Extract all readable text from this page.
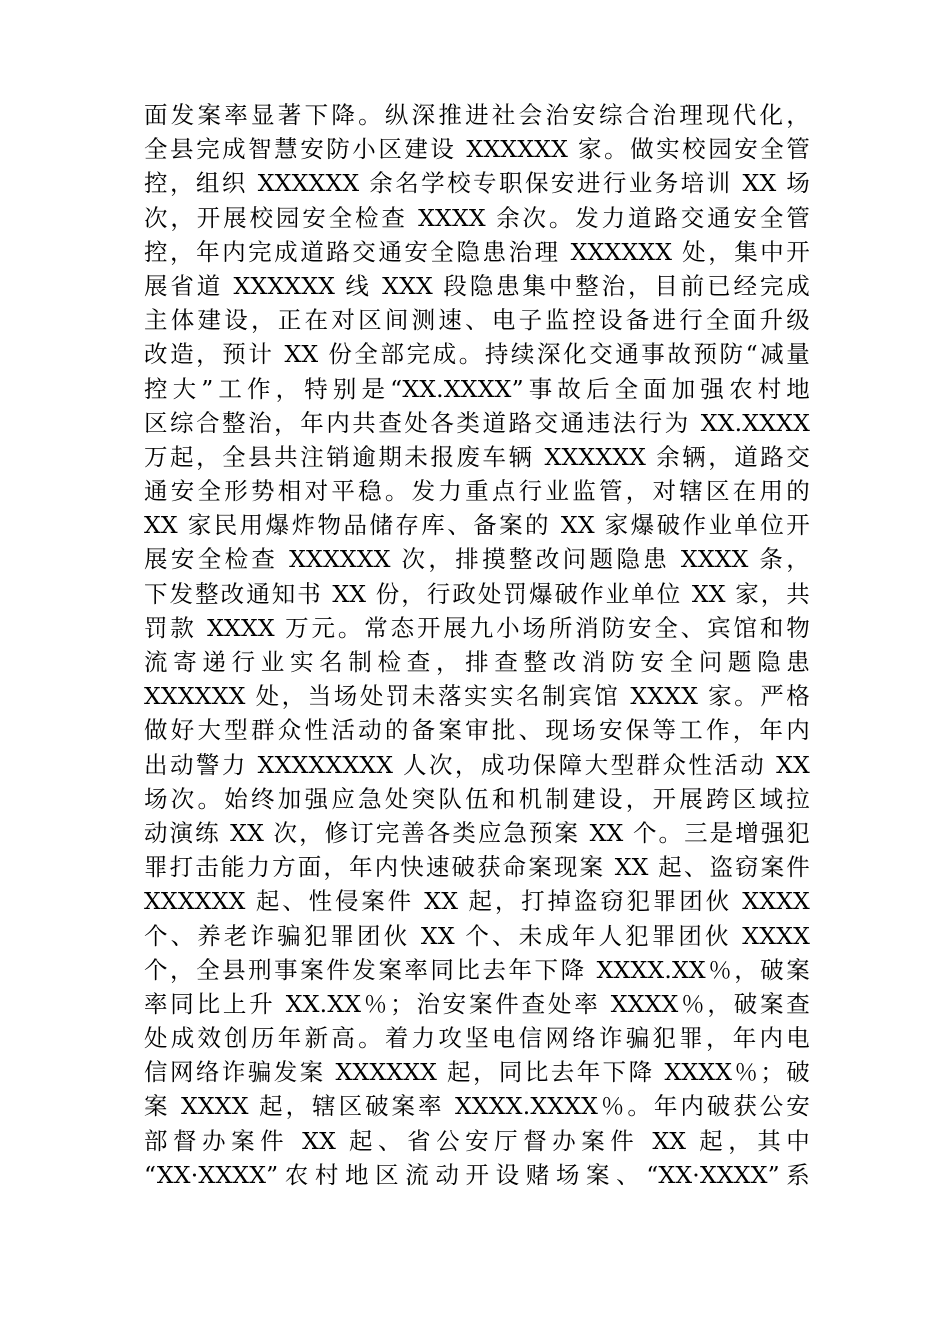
面发案率显著下降。纵深推进社会治安综合治理现代化，
全县完成智慧安防小区建设 XXXXXX 家。做实校园安全管
控，组织 XXXXXX 余名学校专职保安进行业务培训 XX 场
次，开展校园安全检查 XXXX 余次。发力道路交通安全管
控，年内完成道路交通安全隐患治理 XXXXXX 处，集中开
展省道 XXXXXX 线 XXX 段隐患集中整治，目前已经完成
主体建设，正在对区间测速、电子监控设备进行全面升级
改造，预计 XX 份全部完成。持续深化交通事故预防“减量
控大”工作，特别是“XX.XXXX”事故后全面加强农村地
区综合整治，年内共查处各类道路交通违法行为 XX.XXXX
万起，全县共注销逾期未报废车辆 XXXXXX 余辆，道路交
通安全形势相对平稳。发力重点行业监管，对辖区在用的
XX 家民用爆炸物品储存库、备案的 XX 家爆破作业单位开
展安全检查 XXXXXX 次，排摸整改问题隐患 XXXX 条，
下发整改通知书 XX 份，行政处罚爆破作业单位 XX 家，共
罚款 XXXX 万元。常态开展九小场所消防安全、宾馆和物
流寄递行业实名制检查，排查整改消防安全问题隐患
XXXXXX 处，当场处罚未落实实名制宾馆 XXXX 家。严格
做好大型群众性活动的备案审批、现场安保等工作，年内
出动警力 XXXXXXXX 人次，成功保障大型群众性活动 XX
场次。始终加强应急处突队伍和机制建设，开展跨区域拉
动演练 XX 次，修订完善各类应急预案 XX 个。三是增强犯
罪打击能力方面，年内快速破获命案现案 XX 起、盗窃案件
XXXXXX 起、性侵案件 XX 起，打掉盗窃犯罪团伙 XXXX
个、养老诈骗犯罪团伙 XX 个、未成年人犯罪团伙 XXXX
个，全县刑事案件发案率同比去年下降 XXXX.XX％，破案
率同比上升 XX.XX％；治安案件查处率 XXXX％，破案查
处成效创历年新高。着力攻坚电信网络诈骗犯罪，年内电
信网络诈骗发案 XXXXXX 起，同比去年下降 XXXX％；破
案 XXXX 起，辖区破案率 XXXX.XXXX％。年内破获公安
部督办案件 XX 起、省公安厅督办案件 XX 起，其中
“XX·XXXX”农村地区流动开设赌场案、“XX·XXXX”系
